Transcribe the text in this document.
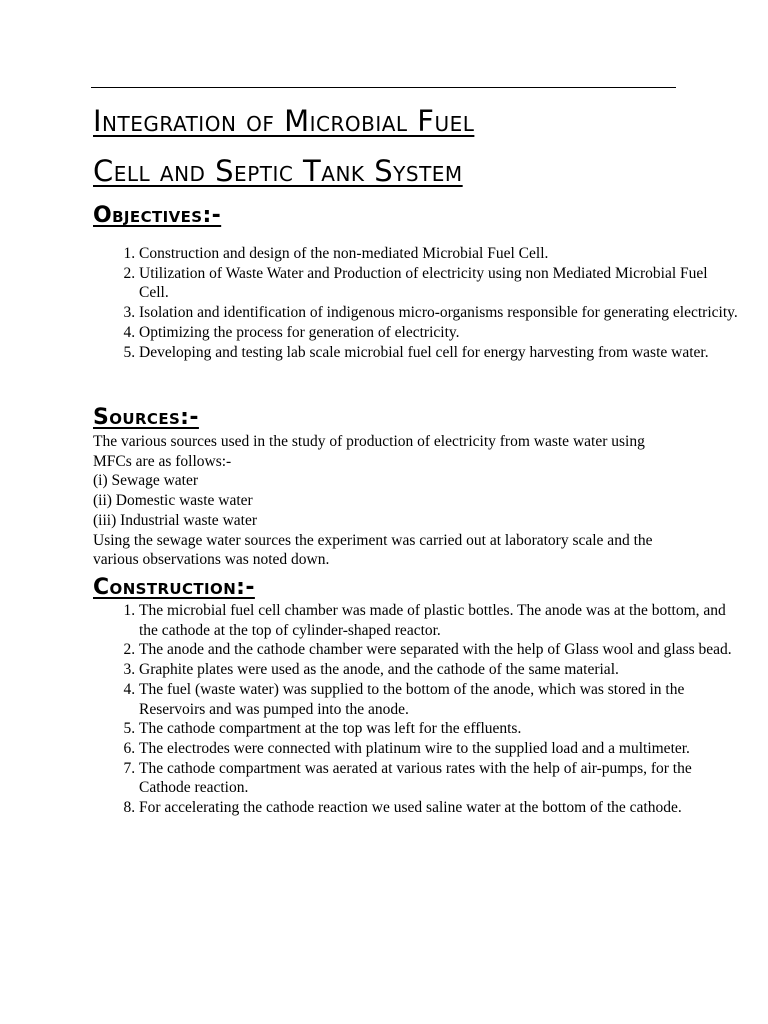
Integration of Microbial Fuel
Cell and Septic Tank System
Objectives:-
1. Construction and design of the non-mediated Microbial Fuel Cell.
2. Utilization of Waste Water and Production of electricity using non Mediated Microbial Fuel Cell.
3. Isolation and identification of indigenous micro-organisms responsible for generating electricity.
4. Optimizing the process for generation of electricity.
5. Developing and testing lab scale microbial fuel cell for energy harvesting from waste water.
Sources:-

The various sources used in the study of production of electricity from waste water using MFCs are as follows:-

(i) Sewage water
(ii) Domestic waste water
(iii) Industrial waste water

Using the sewage water sources the experiment was carried out at laboratory scale and the various observations was noted down.

Construction:-
1. The microbial fuel cell chamber was made of plastic bottles. The anode was at the bottom, and the cathode at the top of cylinder-shaped reactor.
2. The anode and the cathode chamber were separated with the help of Glass wool and glass bead.
3. Graphite plates were used as the anode, and the cathode of the same material.
4. The fuel (waste water) was supplied to the bottom of the anode, which was stored in the Reservoirs and was pumped into the anode.
5. The cathode compartment at the top was left for the effluents.
6. The electrodes were connected with platinum wire to the supplied load and a multimeter.
7. The cathode compartment was aerated at various rates with the help of air-pumps, for the Cathode reaction.
8. For accelerating the cathode reaction we used saline water at the bottom of the cathode.
